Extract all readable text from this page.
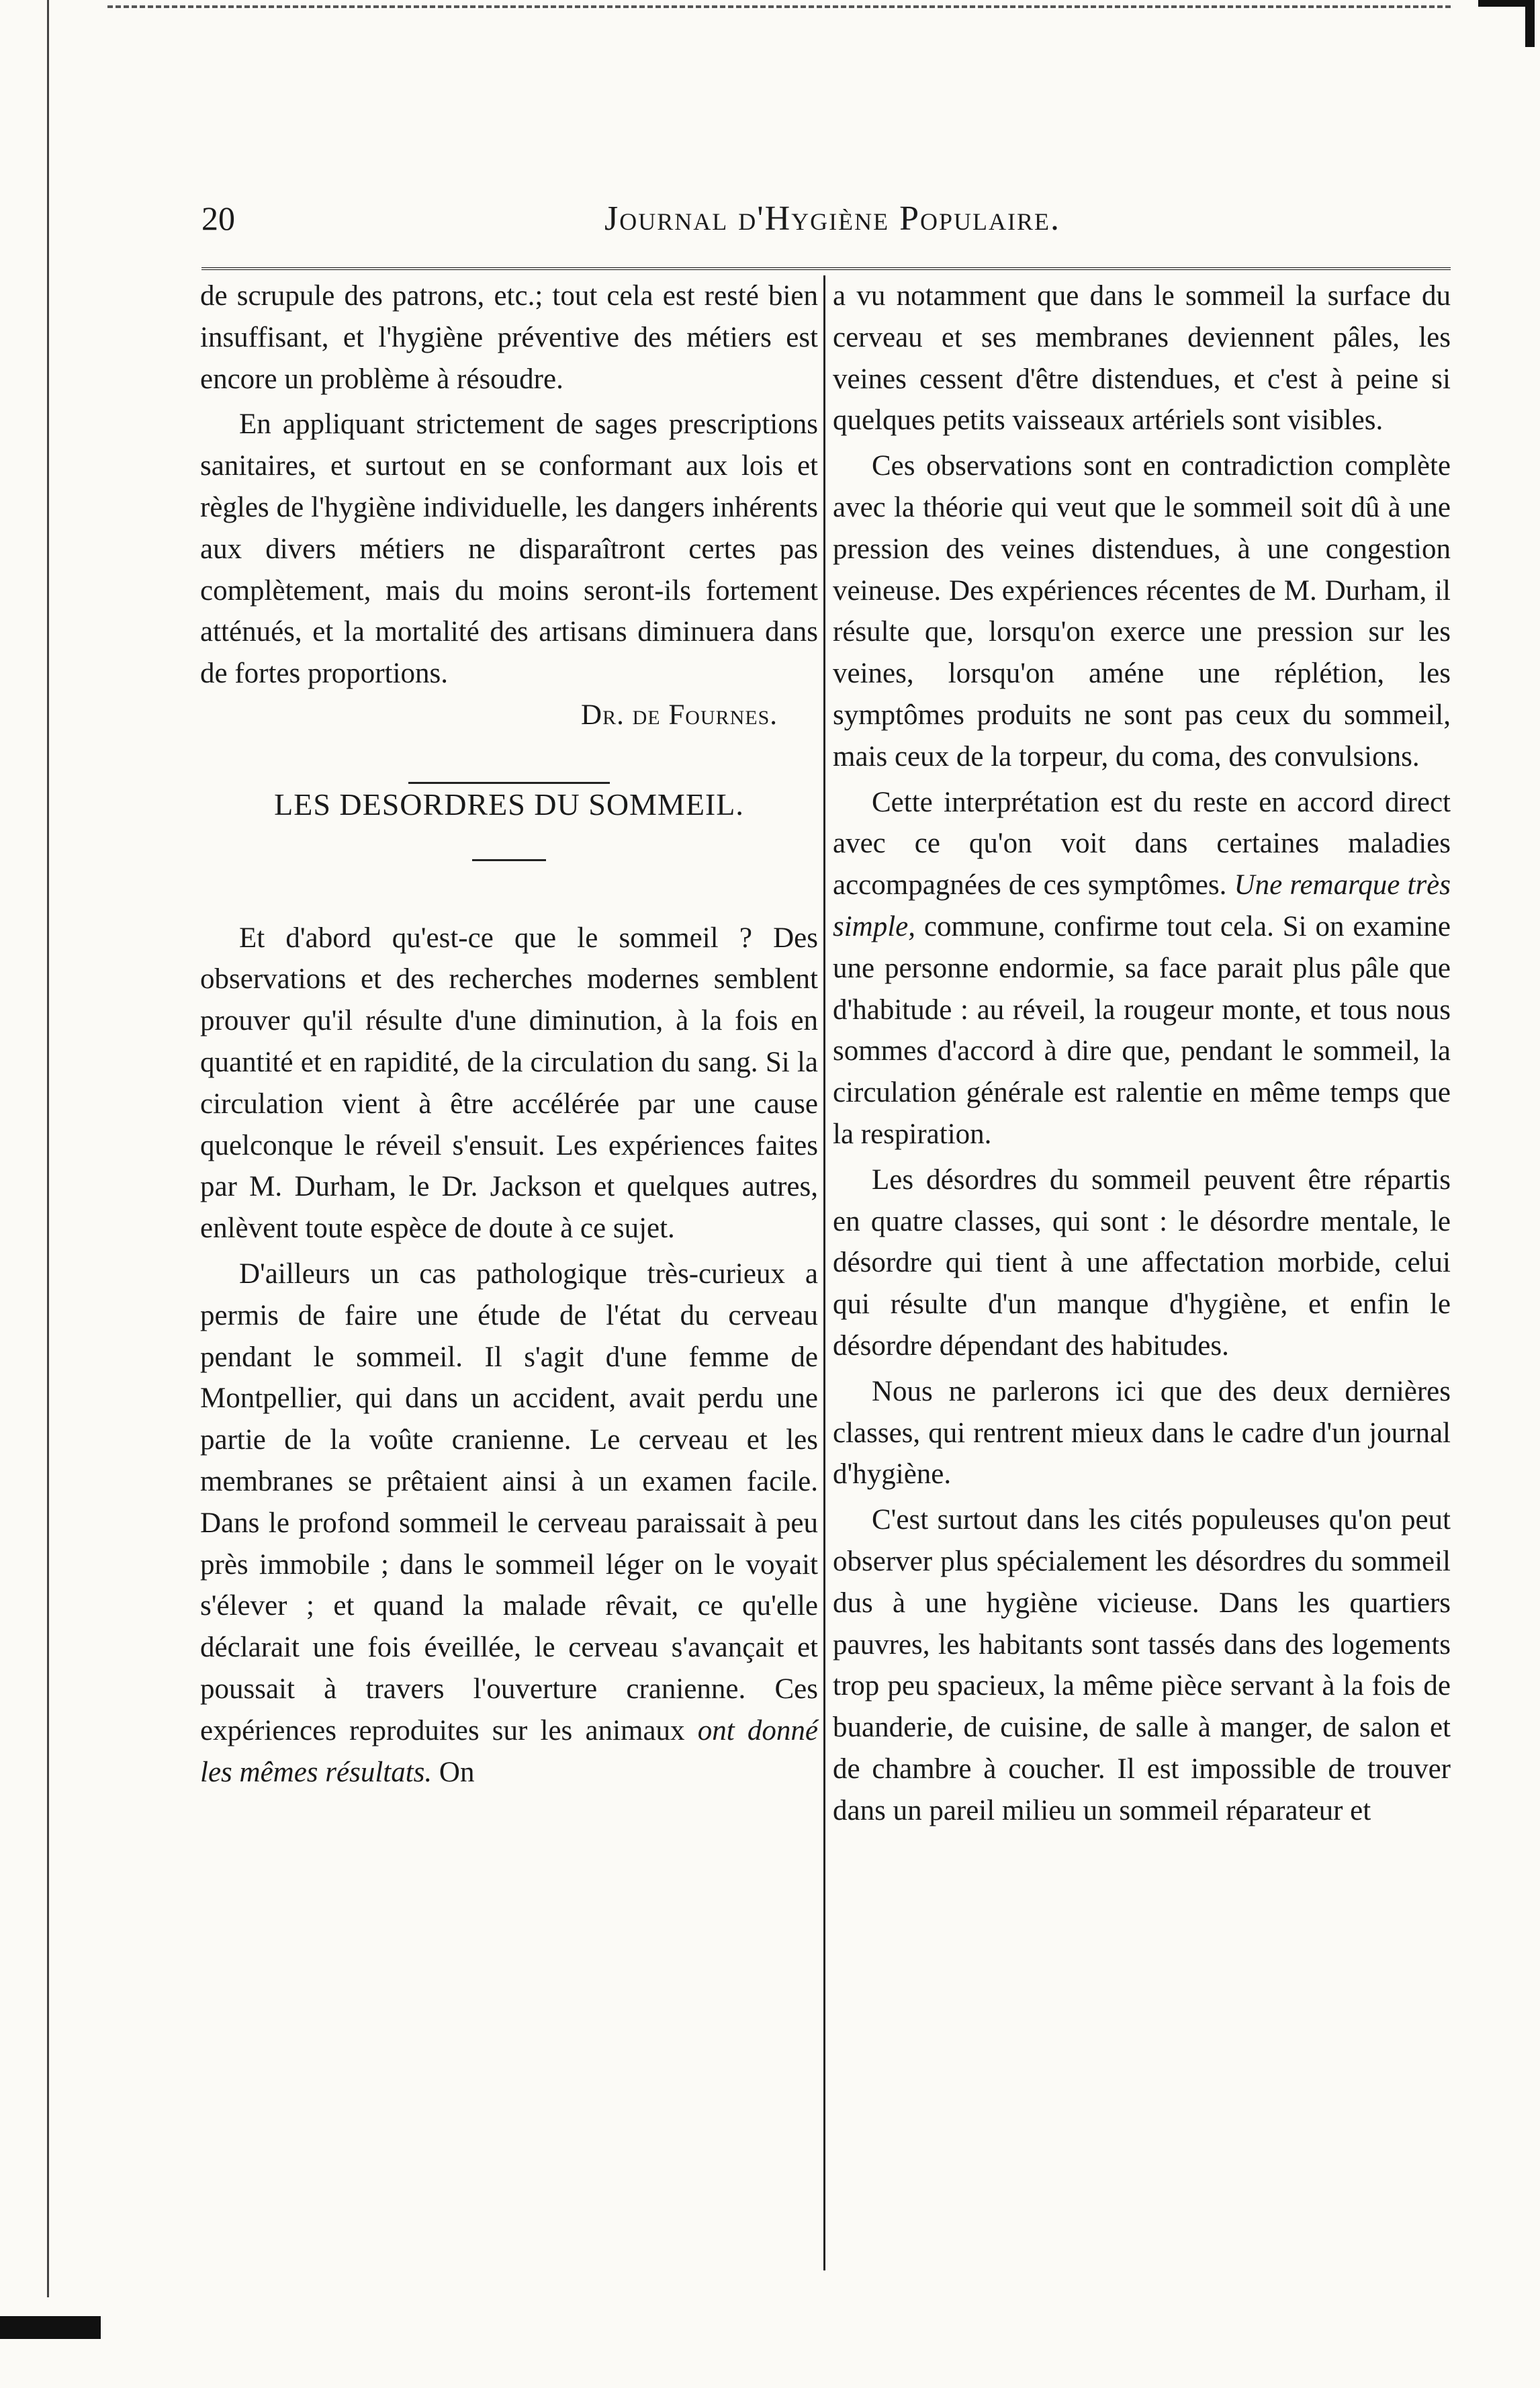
20	Journal d'Hygiène Populaire.

de scrupule des patrons, etc.; tout cela est resté bien insuffisant, et l'hygiène préventive des métiers est encore un problème à résoudre.

En appliquant strictement de sages prescriptions sanitaires, et surtout en se conformant aux lois et règles de l'hygiène individuelle, les dangers inhérents aux divers métiers ne disparaîtront certes pas complètement, mais du moins seront-ils fortement atténués, et la mortalité des artisans diminuera dans de fortes proportions.

Dr. de Fournes.

LES DESORDRES DU SOMMEIL.

Et d'abord qu'est-ce que le sommeil ? Des observations et des recherches modernes semblent prouver qu'il résulte d'une diminution, à la fois en quantité et en rapidité, de la circulation du sang. Si la circulation vient à être accélérée par une cause quelconque le réveil s'ensuit. Les expériences faites par M. Durham, le Dr. Jackson et quelques autres, enlèvent toute espèce de doute à ce sujet.

D'ailleurs un cas pathologique très-curieux a permis de faire une étude de l'état du cerveau pendant le sommeil. Il s'agit d'une femme de Montpellier, qui dans un accident, avait perdu une partie de la voûte cranienne. Le cerveau et les membranes se prêtaient ainsi à un examen facile. Dans le profond sommeil le cerveau paraissait à peu près immobile ; dans le sommeil léger on le voyait s'élever ; et quand la malade rêvait, ce qu'elle déclarait une fois éveillée, le cerveau s'avançait et poussait à travers l'ouverture cranienne. Ces expériences reproduites sur les animaux ont donné les mêmes résultats. On

a vu notamment que dans le sommeil la surface du cerveau et ses membranes deviennent pâles, les veines cessent d'être distendues, et c'est à peine si quelques petits vaisseaux artériels sont visibles.

Ces observations sont en contradiction complète avec la théorie qui veut que le sommeil soit dû à une pression des veines distendues, à une congestion veineuse. Des expériences récentes de M. Durham, il résulte que, lorsqu'on exerce une pression sur les veines, lorsqu'on améne une réplétion, les symptômes produits ne sont pas ceux du sommeil, mais ceux de la torpeur, du coma, des convulsions.

Cette interprétation est du reste en accord direct avec ce qu'on voit dans certaines maladies accompagnées de ces symptômes. Une remarque très simple, commune, confirme tout cela. Si on examine une personne endormie, sa face parait plus pâle que d'habitude : au réveil, la rougeur monte, et tous nous sommes d'accord à dire que, pendant le sommeil, la circulation générale est ralentie en même temps que la respiration.

Les désordres du sommeil peuvent être répartis en quatre classes, qui sont : le désordre mentale, le désordre qui tient à une affectation morbide, celui qui résulte d'un manque d'hygiène, et enfin le désordre dépendant des habitudes.

Nous ne parlerons ici que des deux dernières classes, qui rentrent mieux dans le cadre d'un journal d'hygiène.

C'est surtout dans les cités populeuses qu'on peut observer plus spécialement les désordres du sommeil dus à une hygiène vicieuse. Dans les quartiers pauvres, les habitants sont tassés dans des logements trop peu spacieux, la même pièce servant à la fois de buanderie, de cuisine, de salle à manger, de salon et de chambre à coucher. Il est impossible de trouver dans un pareil milieu un sommeil réparateur et
